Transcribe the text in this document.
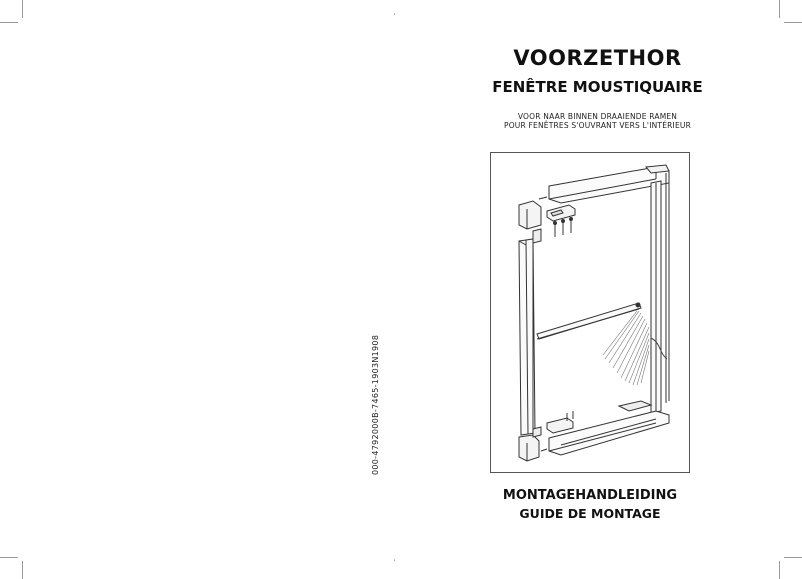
⋅
⋅
000-4792000B-7465-1903N1908
VOORZETHOR
FENÊTRE MOUSTIQUAIRE
VOOR NAAR BINNEN DRAAIENDE RAMEN
POUR FENÊTRES S'OUVRANT VERS L'INTÉRIEUR
MONTAGEHANDLEIDING
GUIDE DE MONTAGE
